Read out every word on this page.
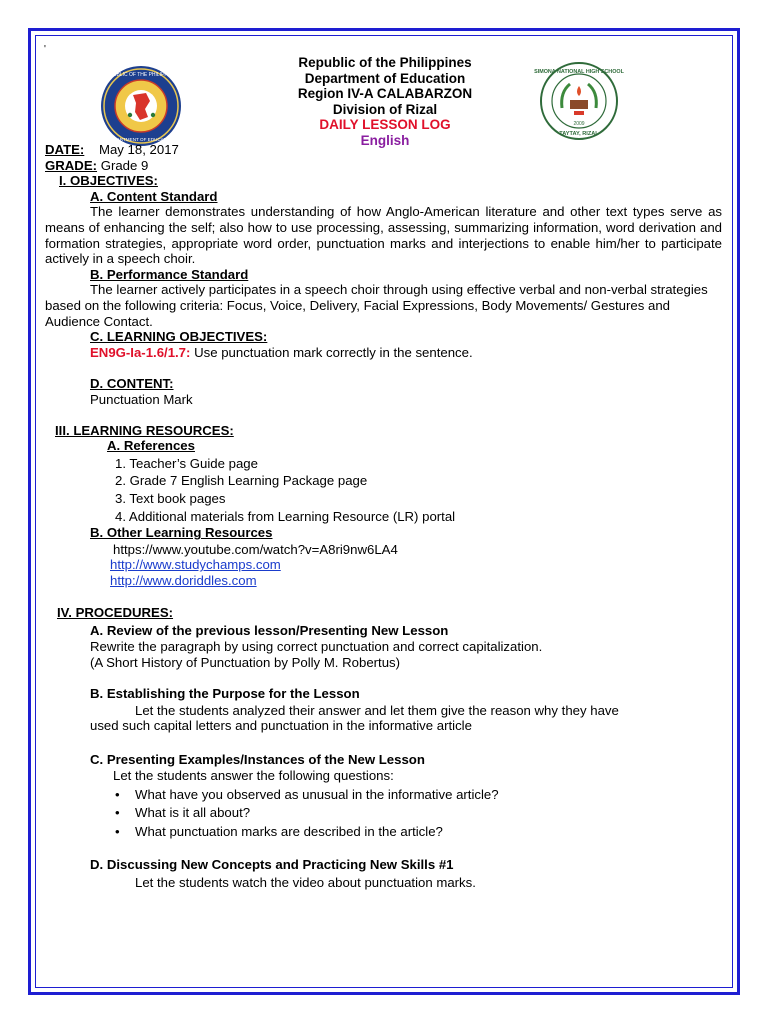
'
REPUBLIC OF THE PHILIPPINES
DEPARTMENT OF EDUCATION
SIMONA NATIONAL HIGH SCHOOL
2009
TAYTAY, RIZAL
Republic of the Philippines
Department of Education
Region IV-A CALABARZON
Division of Rizal
DAILY LESSON LOG
English
DATE: May 18, 2017
GRADE: Grade 9
I. OBJECTIVES:
A. Content Standard
The learner demonstrates understanding of how Anglo-American literature and other text types serve as means of enhancing the self; also how to use processing, assessing, summarizing information, word derivation and formation strategies, appropriate word order, punctuation marks and interjections to enable him/her to participate actively in a speech choir.
B. Performance Standard
The learner actively participates in a speech choir through using effective verbal and non-verbal strategies based on the following criteria: Focus, Voice, Delivery, Facial Expressions, Body Movements/ Gestures and Audience Contact.
C. LEARNING OBJECTIVES:
EN9G-Ia-1.6/1.7: Use punctuation mark correctly in the sentence.
D. CONTENT:
Punctuation Mark
III. LEARNING RESOURCES:
A. References
1. Teacher’s Guide page
2. Grade 7 English Learning Package page
3. Text book pages
4. Additional materials from Learning Resource (LR) portal
B. Other Learning Resources
https://www.youtube.com/watch?v=A8ri9nw6LA4
http://www.studychamps.com
http://www.doriddles.com
IV. PROCEDURES:
A. Review of the previous lesson/Presenting New Lesson
Rewrite the paragraph by using correct punctuation and correct capitalization.
(A Short History of Punctuation by Polly M. Robertus)
B. Establishing the Purpose for the Lesson
Let the students analyzed their answer and let them give the reason why they have
used such capital letters and punctuation in the informative article
C. Presenting Examples/Instances of the New Lesson
Let the students answer the following questions:
• What have you observed as unusual in the informative article?
• What is it all about?
• What punctuation marks are described in the article?
D. Discussing New Concepts and Practicing New Skills #1
Let the students watch the video about punctuation marks.
